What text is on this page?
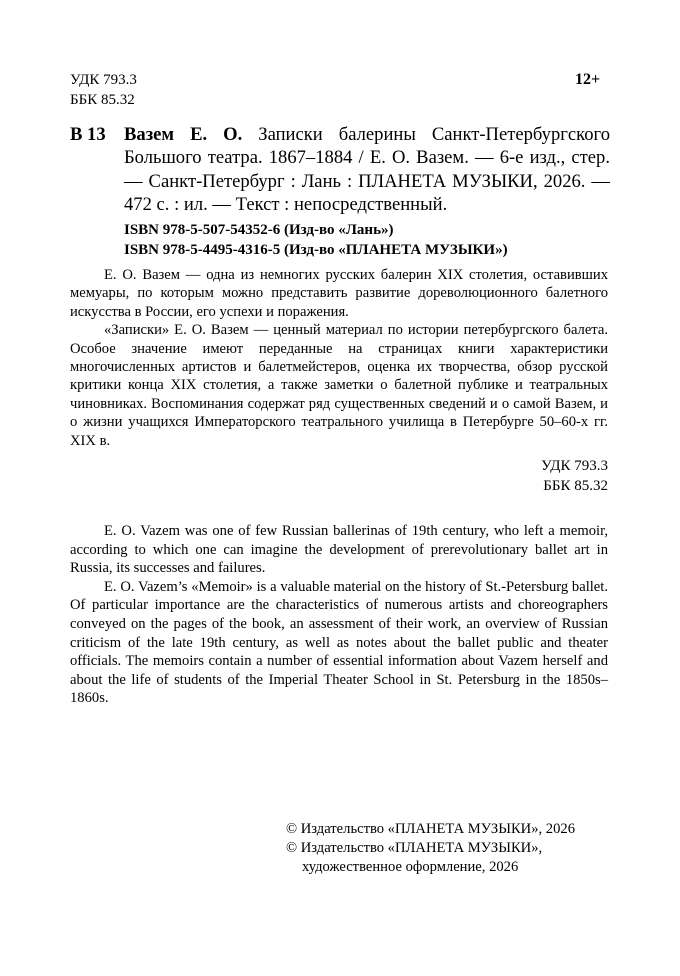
УДК 793.3
ББК 85.32
12+
В 13 Вазем Е. О. Записки балерины Санкт-Петербургского Большого театра. 1867–1884 / Е. О. Вазем. — 6-е изд., стер. — Санкт-Петербург : Лань : ПЛАНЕТА МУЗЫКИ, 2026. — 472 с. : ил. — Текст : непосредственный.
ISBN 978-5-507-54352-6 (Изд-во «Лань»)
ISBN 978-5-4495-4316-5 (Изд-во «ПЛАНЕТА МУЗЫКИ»)

Е. О. Вазем — одна из немногих русских балерин XIX столетия, оставивших мемуары, по которым можно представить развитие дореволюционного балетного искусства в России, его успехи и поражения.

«Записки» Е. О. Вазем — ценный материал по истории петербургского балета. Особое значение имеют переданные на страницах книги характеристики многочисленных артистов и балетмейстеров, оценка их творчества, обзор русской критики конца XIX столетия, а также заметки о балетной публике и театральных чиновниках. Воспоминания содержат ряд существенных сведений и о самой Вазем, и о жизни учащихся Императорского театрального училища в Петербурге 50–60-х гг. XIX в.

УДК 793.3
ББК 85.32

E. O. Vazem was one of few Russian ballerinas of 19th century, who left a memoir, according to which one can imagine the development of prerevolutionary ballet art in Russia, its successes and failures.

E. O. Vazem’s «Memoir» is a valuable material on the history of St.-Petersburg ballet. Of particular importance are the characteristics of numerous artists and choreographers conveyed on the pages of the book, an assessment of their work, an overview of Russian criticism of the late 19th century, as well as notes about the ballet public and theater officials. The memoirs contain a number of essential information about Vazem herself and about the life of students of the Imperial Theater School in St. Petersburg in the 1850s–1860s.

© Издательство «ПЛАНЕТА МУЗЫКИ», 2026
© Издательство «ПЛАНЕТА МУЗЫКИ»,
художественное оформление, 2026
